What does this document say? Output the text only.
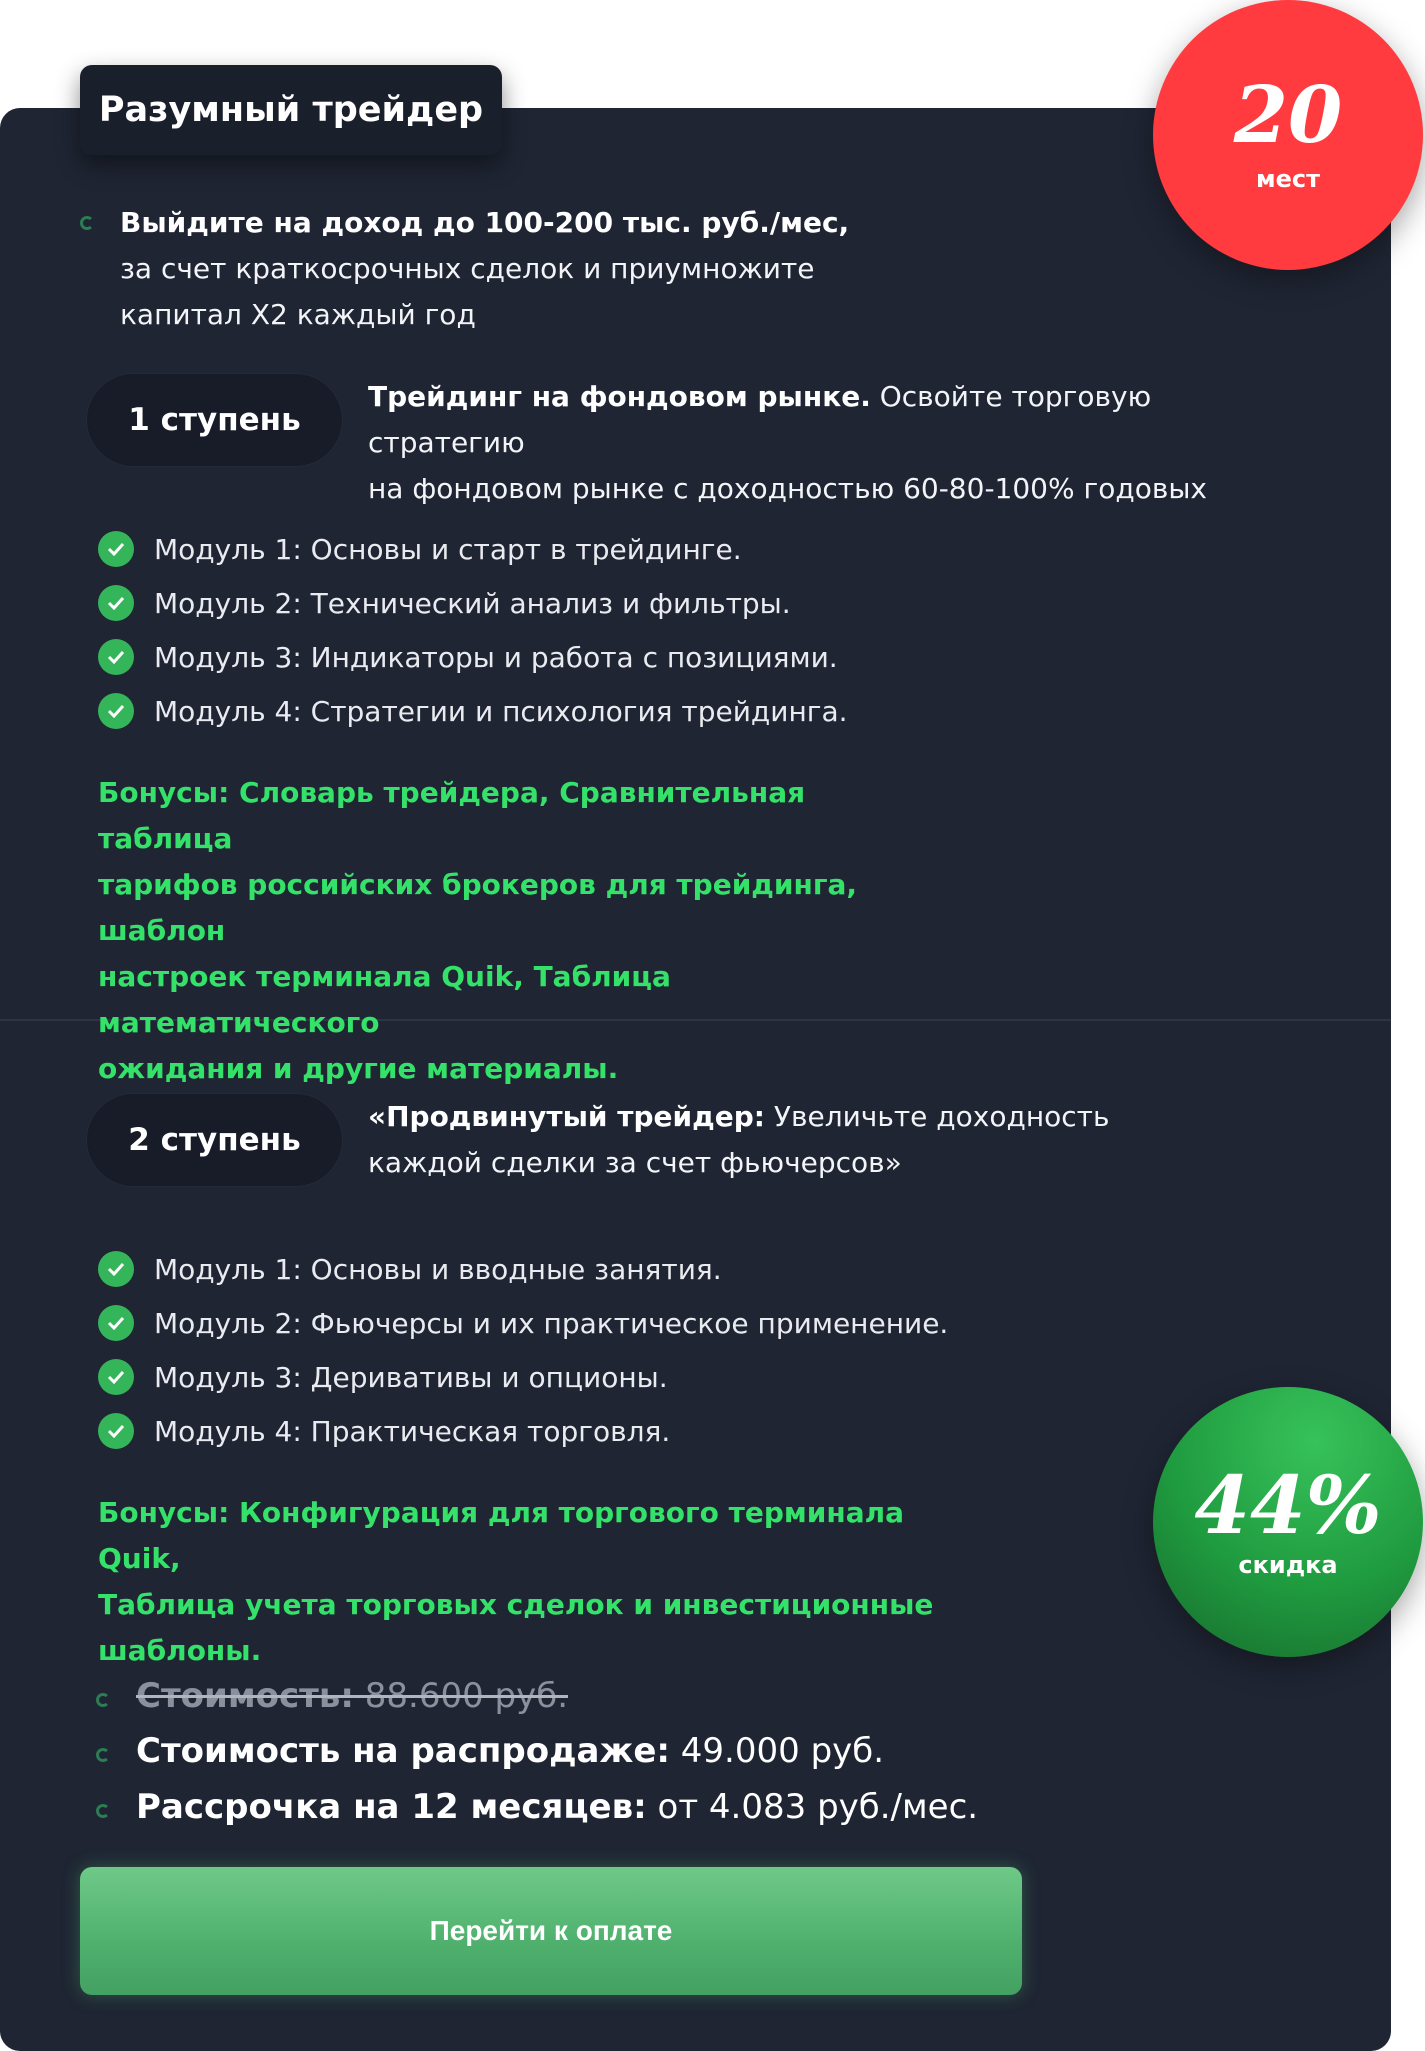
Разумный трейдер	20
мест
Выйдите на доход до 100-200 тыс. руб./мес,
за счет краткосрочных сделок и приумножите
капитал X2 каждый год
1 ступень
Трейдинг на фондовом рынке. Освойте торговую стратегию
на фондовом рынке с доходностью 60-80-100% годовых
Модуль 1: Основы и старт в трейдинге.
Модуль 2: Технический анализ и фильтры.
Модуль 3: Индикаторы и работа с позициями.
Модуль 4: Стратегии и психология трейдинга.
Бонусы: Словарь трейдера, Сравнительная таблица
тарифов российских брокеров для трейдинга, шаблон
настроек терминала Quik, Таблица математического
ожидания и другие материалы.
2 ступень
«Продвинутый трейдер: Увеличьте доходность
каждой сделки за счет фьючерсов»
Модуль 1: Основы и вводные занятия.
Модуль 2: Фьючерсы и их практическое применение.
Модуль 3: Деривативы и опционы.
Модуль 4: Практическая торговля.
Бонусы: Конфигурация для торгового терминала Quik,
Таблица учета торговых сделок и инвестиционные
шаблоны.
44%
скидка
Стоимость: 88.600 руб.
Стоимость на распродаже: 49.000 руб.
Рассрочка на 12 месяцев: от 4.083 руб./мес.
Перейти к оплате
